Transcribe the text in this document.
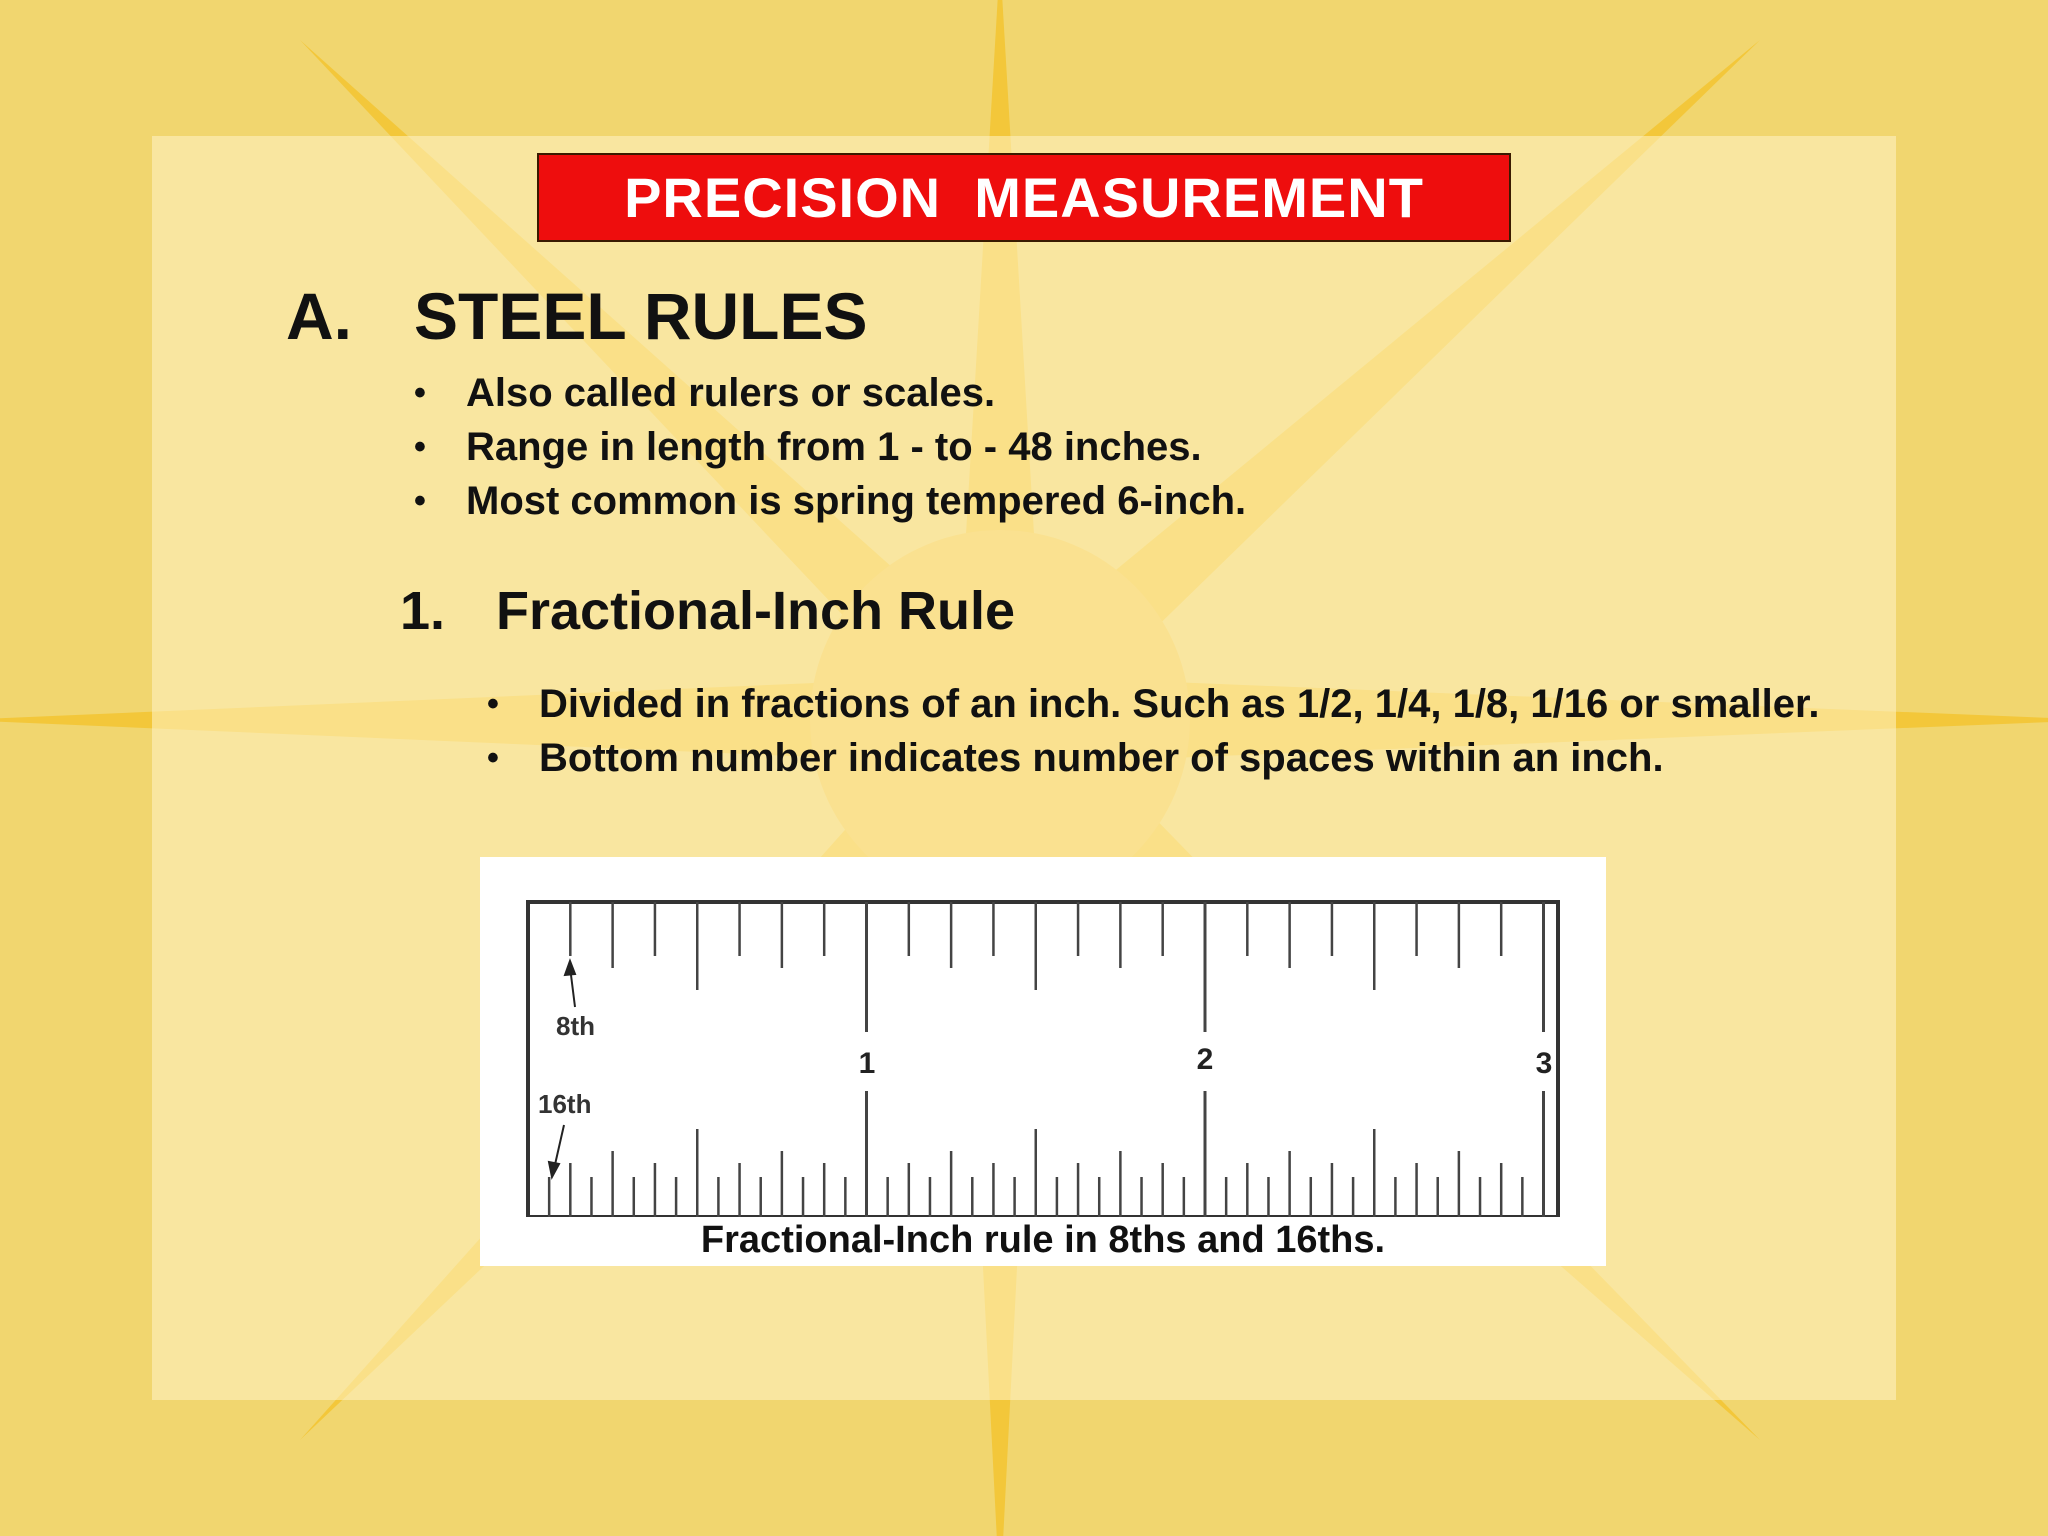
PRECISION  MEASUREMENT
A. STEEL RULES
• Also called rulers or scales.
• Range in length from 1 - to - 48 inches.
• Most common is spring tempered 6-inch.
1. Fractional-Inch Rule
• Divided in fractions of an inch. Such as 1/2, 1/4, 1/8, 1/16 or smaller.
• Bottom number indicates number of spaces within an inch.
1	2	3
8th
16th
Fractional-Inch rule in 8ths and 16ths.
